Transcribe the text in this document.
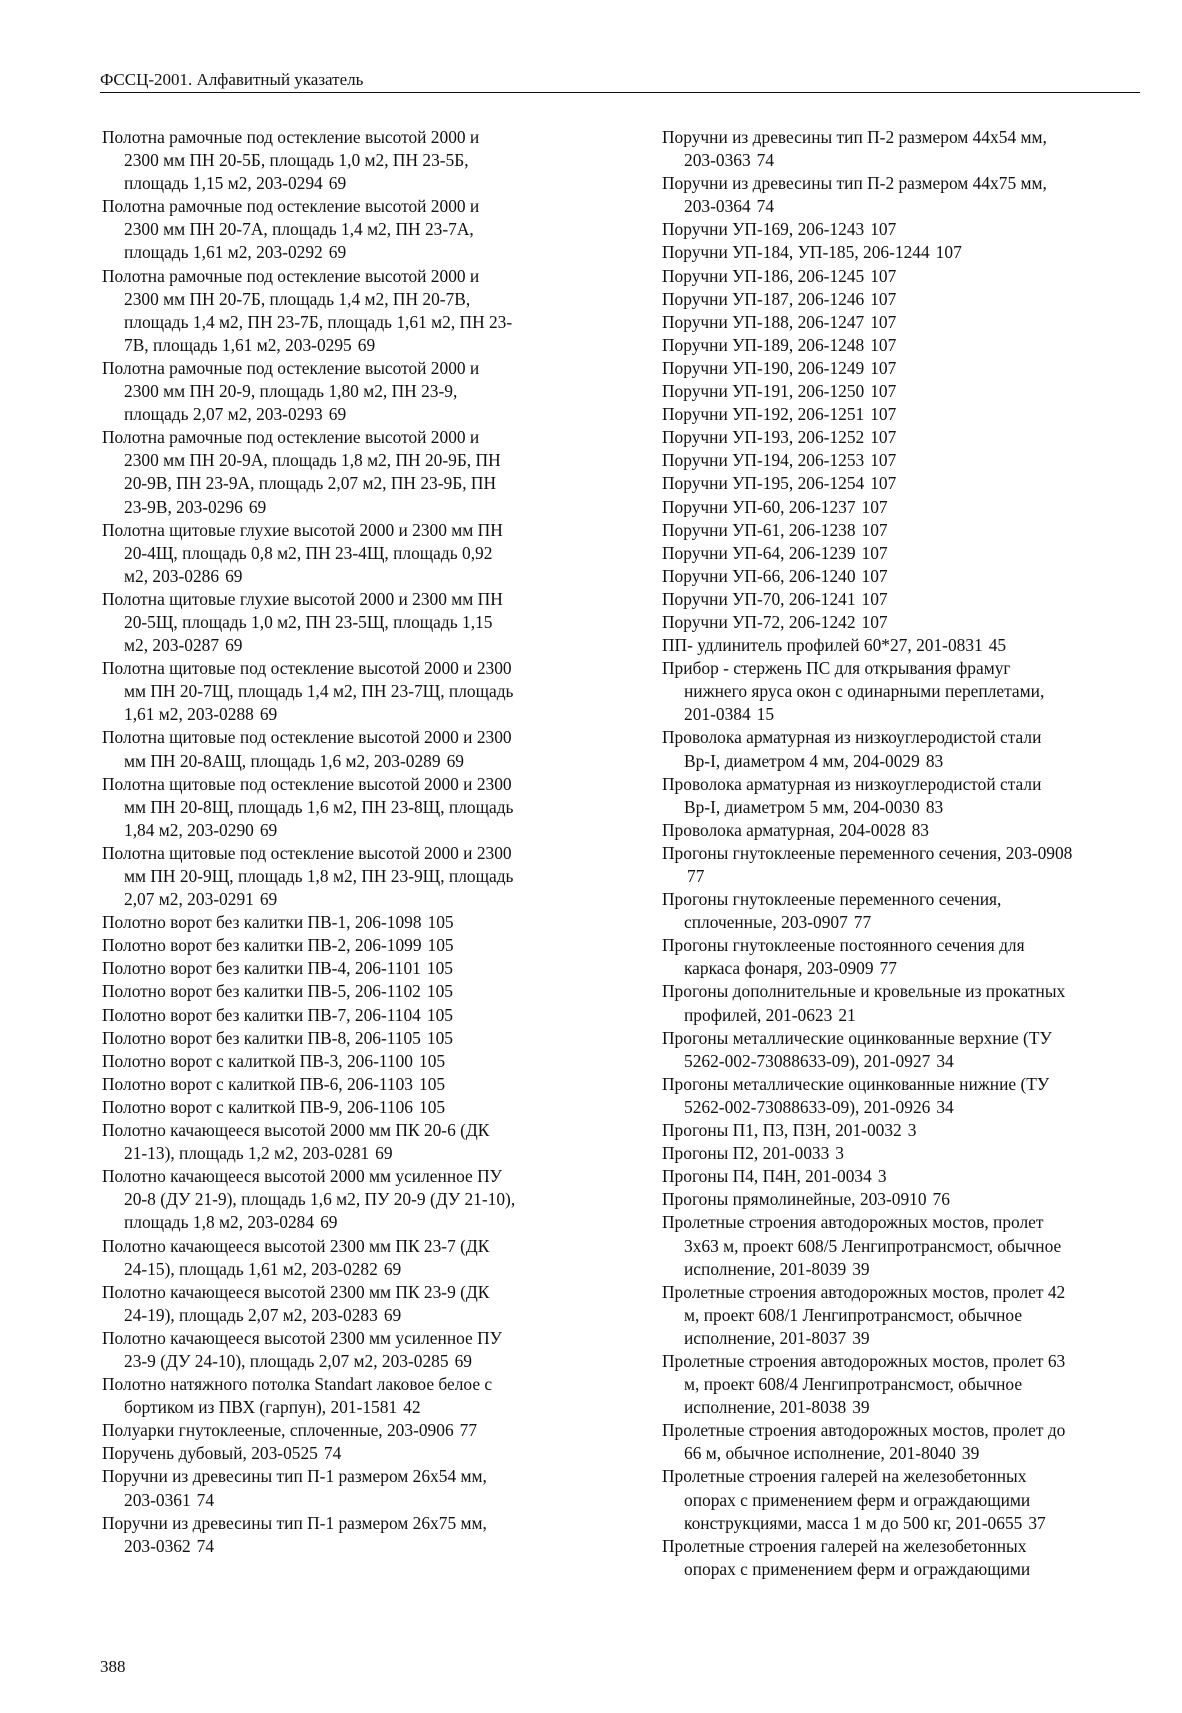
ФССЦ-2001. Алфавитный указатель
Полотна рамочные под остекление высотой 2000 и
2300 мм ПН 20-5Б, площадь 1,0 м2, ПН 23-5Б,
площадь 1,15 м2, 203-0294 69
Полотна рамочные под остекление высотой 2000 и
2300 мм ПН 20-7А, площадь 1,4 м2, ПН 23-7А,
площадь 1,61 м2, 203-0292 69
Полотна рамочные под остекление высотой 2000 и
2300 мм ПН 20-7Б, площадь 1,4 м2, ПН 20-7В,
площадь 1,4 м2, ПН 23-7Б, площадь 1,61 м2, ПН 23-
7В, площадь 1,61 м2, 203-0295 69
Полотна рамочные под остекление высотой 2000 и
2300 мм ПН 20-9, площадь 1,80 м2, ПН 23-9,
площадь 2,07 м2, 203-0293 69
Полотна рамочные под остекление высотой 2000 и
2300 мм ПН 20-9А, площадь 1,8 м2, ПН 20-9Б, ПН
20-9В, ПН 23-9А, площадь 2,07 м2, ПН 23-9Б, ПН
23-9В, 203-0296 69
Полотна щитовые глухие высотой 2000 и 2300 мм ПН
20-4Щ, площадь 0,8 м2, ПН 23-4Щ, площадь 0,92
м2, 203-0286 69
Полотна щитовые глухие высотой 2000 и 2300 мм ПН
20-5Щ, площадь 1,0 м2, ПН 23-5Щ, площадь 1,15
м2, 203-0287 69
Полотна щитовые под остекление высотой 2000 и 2300
мм ПН 20-7Щ, площадь 1,4 м2, ПН 23-7Щ, площадь
1,61 м2, 203-0288 69
Полотна щитовые под остекление высотой 2000 и 2300
мм ПН 20-8АЩ, площадь 1,6 м2, 203-0289 69
Полотна щитовые под остекление высотой 2000 и 2300
мм ПН 20-8Щ, площадь 1,6 м2, ПН 23-8Щ, площадь
1,84 м2, 203-0290 69
Полотна щитовые под остекление высотой 2000 и 2300
мм ПН 20-9Щ, площадь 1,8 м2, ПН 23-9Щ, площадь
2,07 м2, 203-0291 69
Полотно ворот без калитки ПВ-1, 206-1098 105
Полотно ворот без калитки ПВ-2, 206-1099 105
Полотно ворот без калитки ПВ-4, 206-1101 105
Полотно ворот без калитки ПВ-5, 206-1102 105
Полотно ворот без калитки ПВ-7, 206-1104 105
Полотно ворот без калитки ПВ-8, 206-1105 105
Полотно ворот с калиткой ПВ-3, 206-1100 105
Полотно ворот с калиткой ПВ-6, 206-1103 105
Полотно ворот с калиткой ПВ-9, 206-1106 105
Полотно качающееся высотой 2000 мм ПК 20-6 (ДК
21-13), площадь 1,2 м2, 203-0281 69
Полотно качающееся высотой 2000 мм усиленное ПУ
20-8 (ДУ 21-9), площадь 1,6 м2, ПУ 20-9 (ДУ 21-10),
площадь 1,8 м2, 203-0284 69
Полотно качающееся высотой 2300 мм ПК 23-7 (ДК
24-15), площадь 1,61 м2, 203-0282 69
Полотно качающееся высотой 2300 мм ПК 23-9 (ДК
24-19), площадь 2,07 м2, 203-0283 69
Полотно качающееся высотой 2300 мм усиленное ПУ
23-9 (ДУ 24-10), площадь 2,07 м2, 203-0285 69
Полотно натяжного потолка Standart лаковое белое с
бортиком из ПВХ (гарпун), 201-1581 42
Полуарки гнутоклееные, сплоченные, 203-0906 77
Поручень дубовый, 203-0525 74
Поручни из древесины тип П-1 размером 26х54 мм,
203-0361 74
Поручни из древесины тип П-1 размером 26х75 мм,
203-0362 74
Поручни из древесины тип П-2 размером 44х54 мм,
203-0363 74
Поручни из древесины тип П-2 размером 44х75 мм,
203-0364 74
Поручни УП-169, 206-1243 107
Поручни УП-184, УП-185, 206-1244 107
Поручни УП-186, 206-1245 107
Поручни УП-187, 206-1246 107
Поручни УП-188, 206-1247 107
Поручни УП-189, 206-1248 107
Поручни УП-190, 206-1249 107
Поручни УП-191, 206-1250 107
Поручни УП-192, 206-1251 107
Поручни УП-193, 206-1252 107
Поручни УП-194, 206-1253 107
Поручни УП-195, 206-1254 107
Поручни УП-60, 206-1237 107
Поручни УП-61, 206-1238 107
Поручни УП-64, 206-1239 107
Поручни УП-66, 206-1240 107
Поручни УП-70, 206-1241 107
Поручни УП-72, 206-1242 107
ПП- удлинитель профилей 60*27, 201-0831 45
Прибор - стержень ПС для открывания фрамуг
нижнего яруса окон с одинарными переплетами,
201-0384 15
Проволока арматурная из низкоуглеродистой стали
Вр-I, диаметром 4 мм, 204-0029 83
Проволока арматурная из низкоуглеродистой стали
Вр-I, диаметром 5 мм, 204-0030 83
Проволока арматурная, 204-0028 83
Прогоны гнутоклееные переменного сечения, 203-0908
77
Прогоны гнутоклееные переменного сечения,
сплоченные, 203-0907 77
Прогоны гнутоклееные постоянного сечения для
каркаса фонаря, 203-0909 77
Прогоны дополнительные и кровельные из прокатных
профилей, 201-0623 21
Прогоны металлические оцинкованные верхние (ТУ
5262-002-73088633-09), 201-0927 34
Прогоны металлические оцинкованные нижние (ТУ
5262-002-73088633-09), 201-0926 34
Прогоны П1, П3, П3Н, 201-0032 3
Прогоны П2, 201-0033 3
Прогоны П4, П4Н, 201-0034 3
Прогоны прямолинейные, 203-0910 76
Пролетные строения автодорожных мостов, пролет
3х63 м, проект 608/5 Ленгипротрансмост, обычное
исполнение, 201-8039 39
Пролетные строения автодорожных мостов, пролет 42
м, проект 608/1 Ленгипротрансмост, обычное
исполнение, 201-8037 39
Пролетные строения автодорожных мостов, пролет 63
м, проект 608/4 Ленгипротрансмост, обычное
исполнение, 201-8038 39
Пролетные строения автодорожных мостов, пролет до
66 м, обычное исполнение, 201-8040 39
Пролетные строения галерей на железобетонных
опорах с применением ферм и ограждающими
конструкциями, масса 1 м до 500 кг, 201-0655 37
Пролетные строения галерей на железобетонных
опорах с применением ферм и ограждающими
388
